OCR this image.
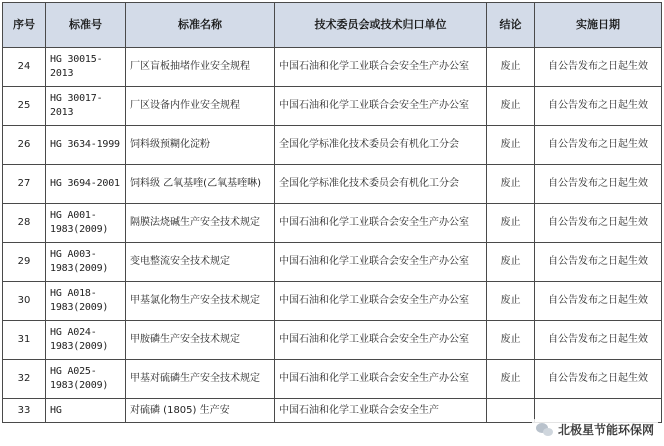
序号	标准号	标准名称	技术委员会或技术归口单位	结论	实施日期
24	HG 30015-2013	厂区盲板抽堵作业安全规程	中国石油和化学工业联合会安全生产办公室	废止	自公告发布之日起生效
25	HG 30017-2013	厂区设备内作业安全规程	中国石油和化学工业联合会安全生产办公室	废止	自公告发布之日起生效
26	HG 3634-1999	饲料级预糊化淀粉	全国化学标准化技术委员会有机化工分会	废止	自公告发布之日起生效
27	HG 3694-2001	饲料级 乙氧基喹(乙氧基喹啉)	全国化学标准化技术委员会有机化工分会	废止	自公告发布之日起生效
28	HG A001-1983(2009)	隔膜法烧碱生产安全技术规定	中国石油和化学工业联合会安全生产办公室	废止	自公告发布之日起生效
29	HG A003-1983(2009)	变电整流安全技术规定	中国石油和化学工业联合会安全生产办公室	废止	自公告发布之日起生效
30	HG A018-1983(2009)	甲基氯化物生产安全技术规定	中国石油和化学工业联合会安全生产办公室	废止	自公告发布之日起生效
31	HG A024-1983(2009)	甲胺磷生产安全技术规定	中国石油和化学工业联合会安全生产办公室	废止	自公告发布之日起生效
32	HG A025-1983(2009)	甲基对硫磷生产安全技术规定	中国石油和化学工业联合会安全生产办公室	废止	自公告发布之日起生效
33	HG	对硫磷 (1805) 生产安	中国石油和化学工业联合会安全生产		
北极星节能环保网
